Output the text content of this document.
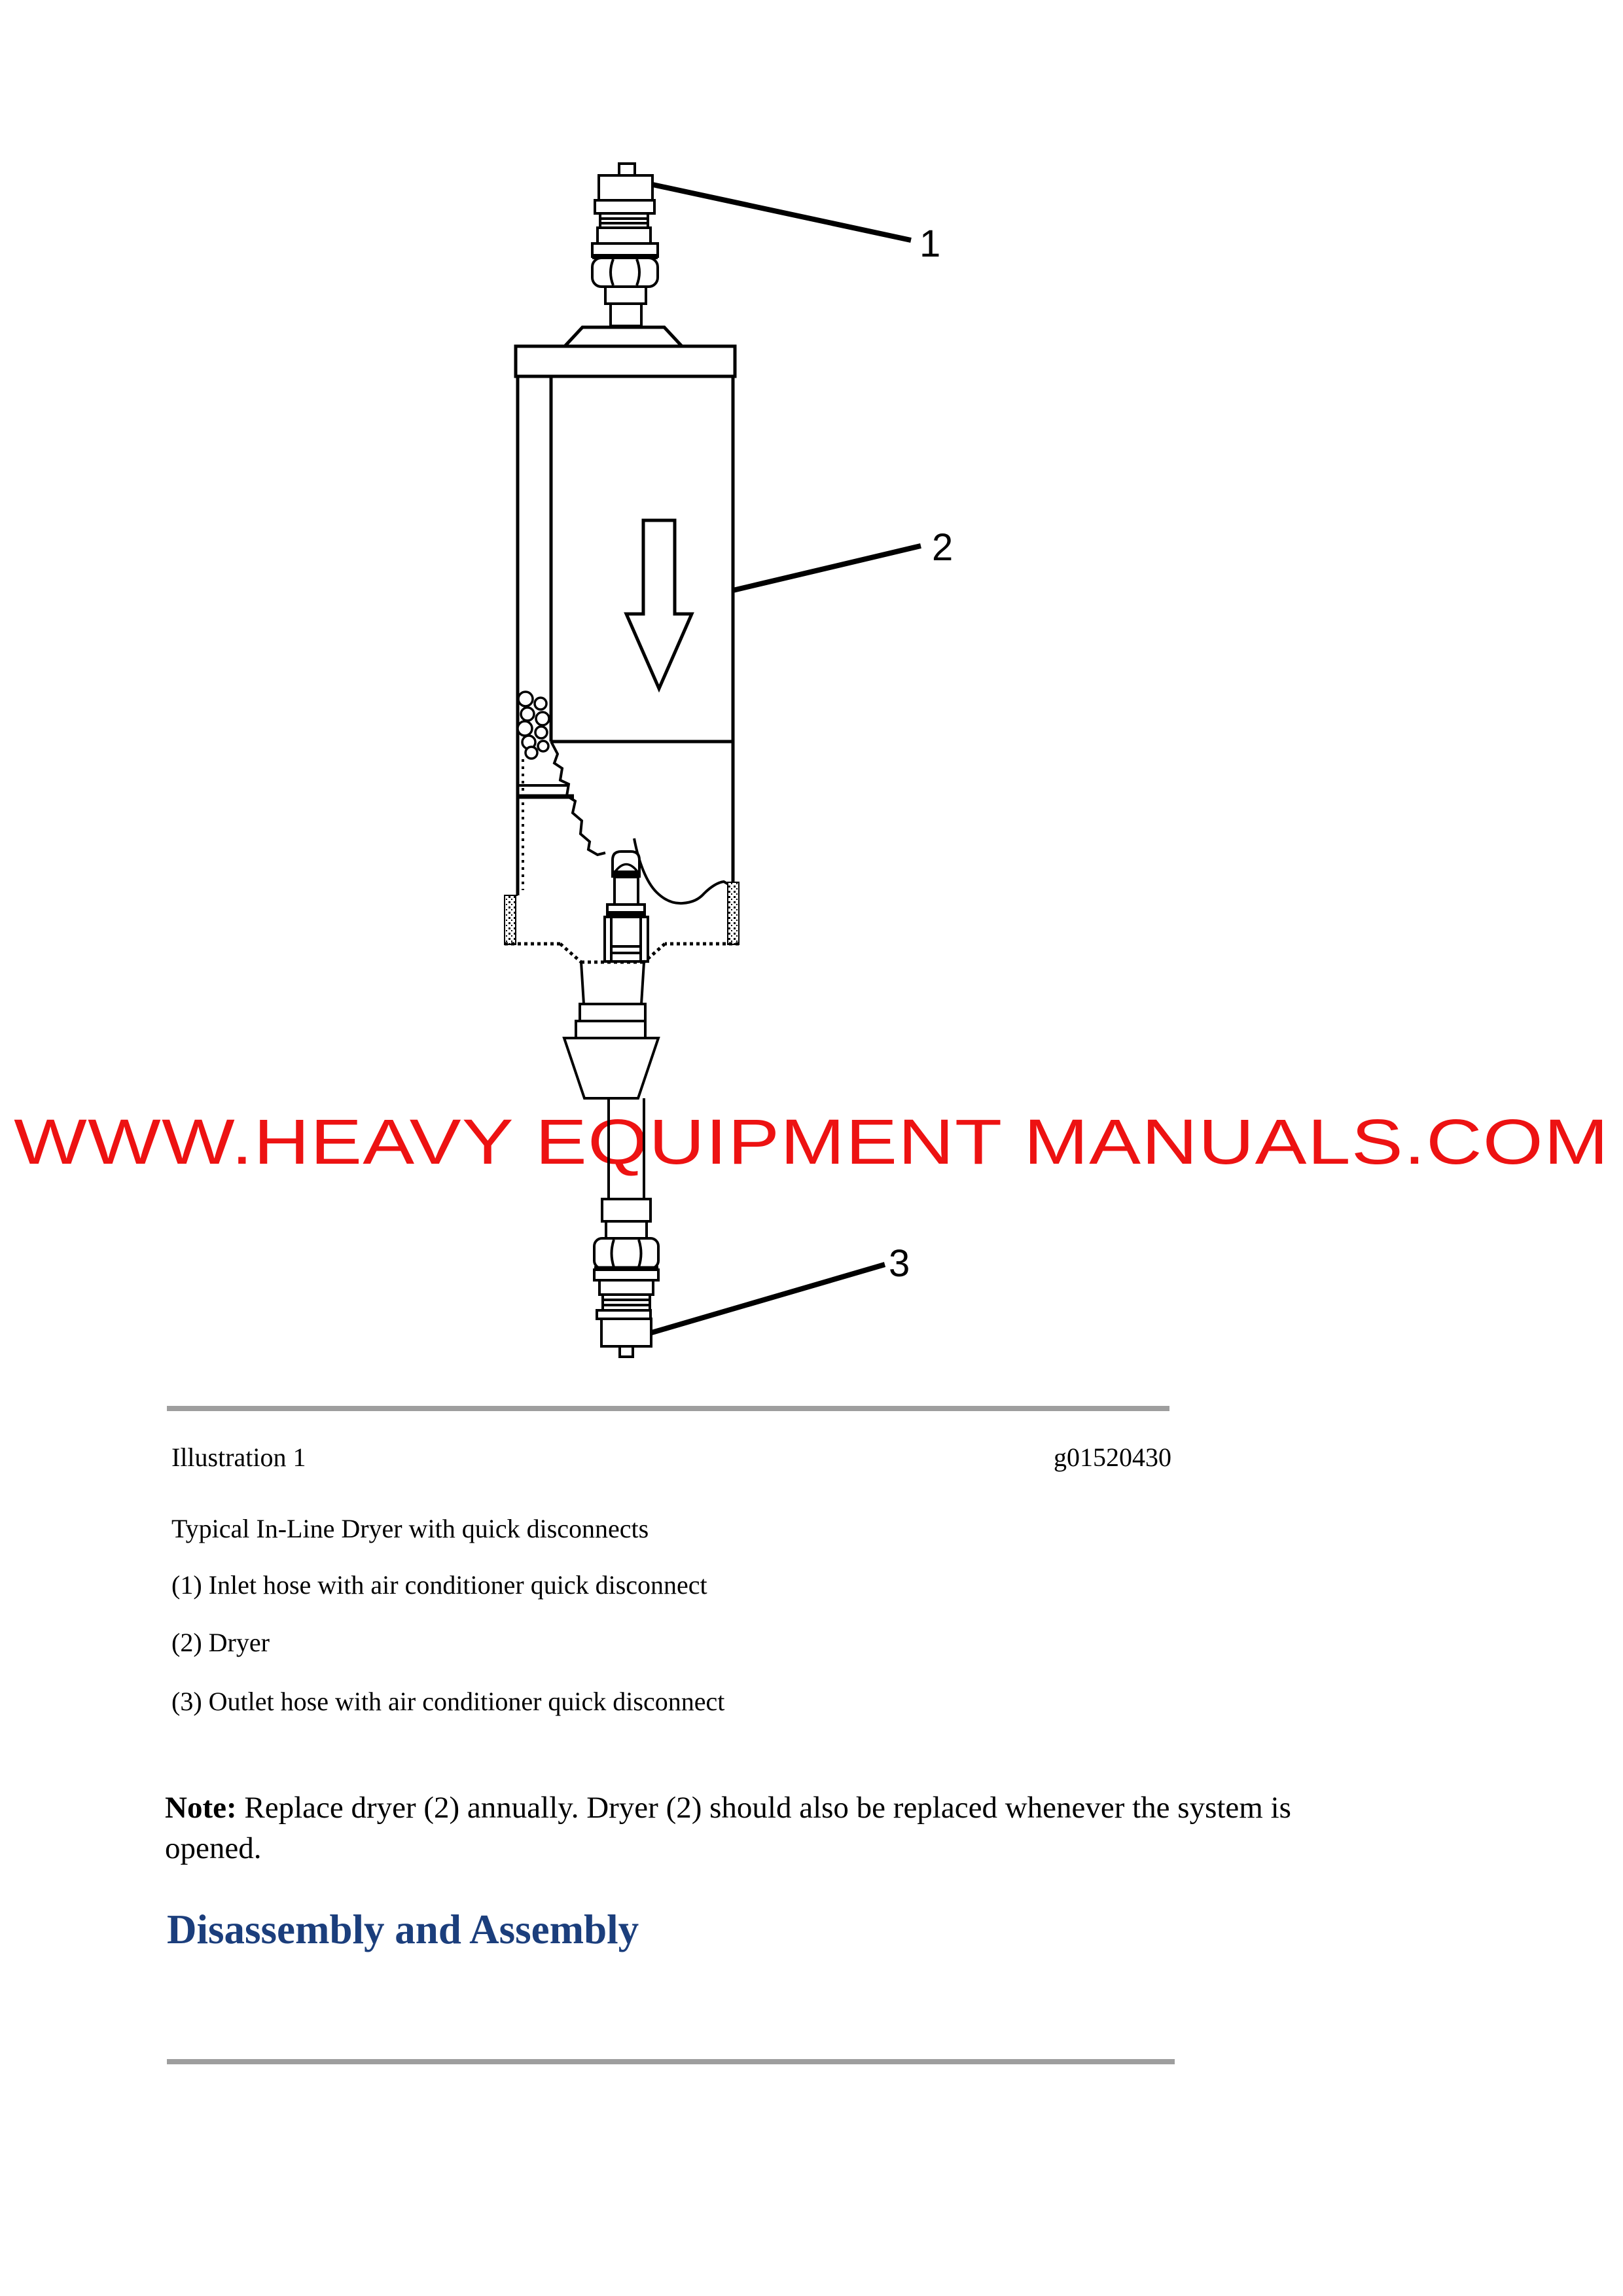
WWW.HEAVY EQUIPMENT MANUALS.COM
1
2
3
Illustration 1	g01520430
Typical In-Line Dryer with quick disconnects
(1) Inlet hose with air conditioner quick disconnect
(2) Dryer
(3) Outlet hose with air conditioner quick disconnect
Note: Replace dryer (2) annually. Dryer (2) should also be replaced whenever the system is
opened.
Disassembly and Assembly
